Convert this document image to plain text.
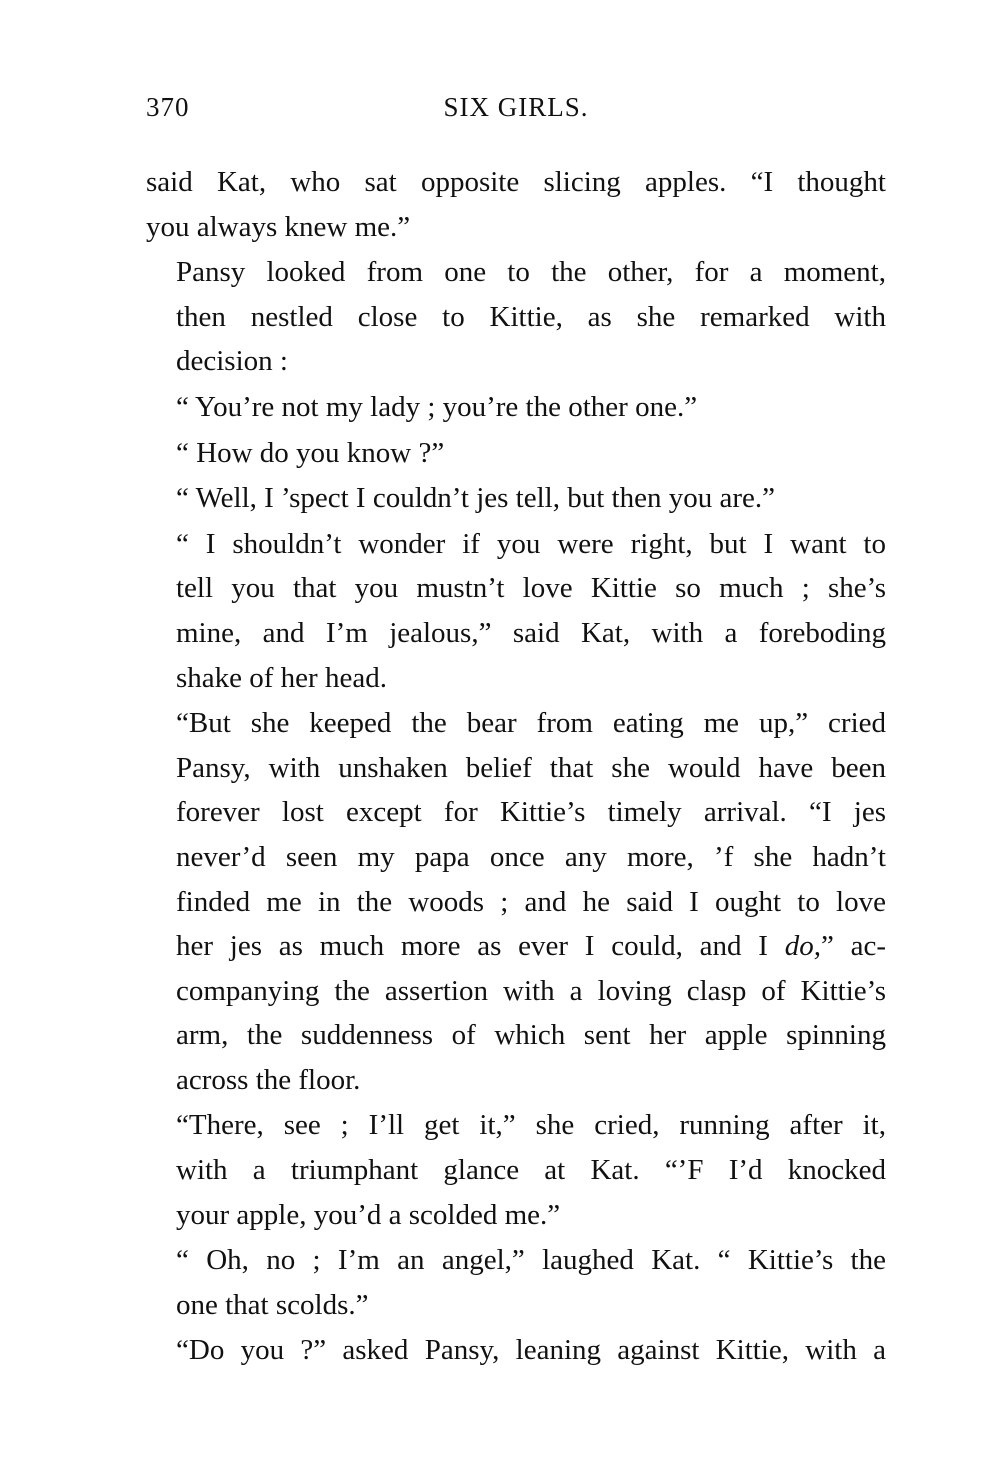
370	SIX GIRLS.

said Kat, who sat opposite slicing apples. “I thought
you always knew me.”

Pansy looked from one to the other, for a moment,
then nestled close to Kittie, as she remarked with
decision :

“ You’re not my lady ; you’re the other one.”

“ How do you know ?”

“ Well, I ’spect I couldn’t jes tell, but then you are.”

“ I shouldn’t wonder if you were right, but I want to
tell you that you mustn’t love Kittie so much ; she’s
mine, and I’m jealous,” said Kat, with a foreboding
shake of her head.

“But she keeped the bear from eating me up,” cried
Pansy, with unshaken belief that she would have been
forever lost except for Kittie’s timely arrival. “I jes
never’d seen my papa once any more, ’f she hadn’t
finded me in the woods ; and he said I ought to love
her jes as much more as ever I could, and I do,” ac-
companying the assertion with a loving clasp of Kittie’s
arm, the suddenness of which sent her apple spinning
across the floor.

“There, see ; I’ll get it,” she cried, running after it,
with a triumphant glance at Kat. “’F I’d knocked
your apple, you’d a scolded me.”

“ Oh, no ; I’m an angel,” laughed Kat. “ Kittie’s the
one that scolds.”

“Do you ?” asked Pansy, leaning against Kittie, with a
